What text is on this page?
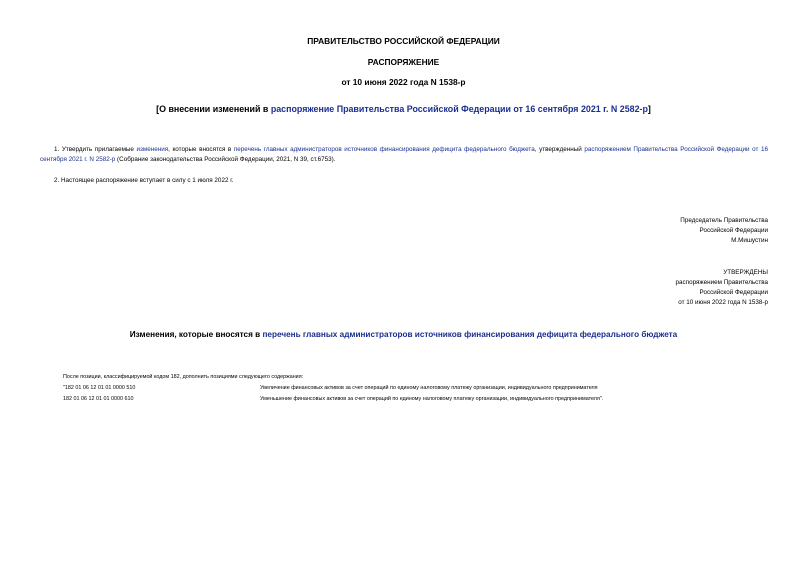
ПРАВИТЕЛЬСТВО РОССИЙСКОЙ ФЕДЕРАЦИИ
РАСПОРЯЖЕНИЕ
от 10 июня 2022 года N 1538-р
[О внесении изменений в распоряжение Правительства Российской Федерации от 16 сентября 2021 г. N 2582-р]
1. Утвердить прилагаемые изменения, которые вносятся в перечень главных администраторов источников финансирования дефицита федерального бюджета, утвержденный распоряжением Правительства Российской Федерации от 16 сентября 2021 г. N 2582-р (Собрание законодательства Российской Федерации, 2021, N 39, ст.6753).
2. Настоящее распоряжение вступает в силу с 1 июля 2022 г.
Председатель Правительства
Российской Федерации
М.Мишустин
УТВЕРЖДЕНЫ
распоряжением Правительства
Российской Федерации
от 10 июня 2022 года N 1538-р
Изменения, которые вносятся в перечень главных администраторов источников финансирования дефицита федерального бюджета
После позиции, классифицируемой кодом 182, дополнить позициями следующего содержания:
"182 01 06 12 01 01 0000 510	Увеличение финансовых активов за счет операций по единому налоговому платежу организации, индивидуального предпринимателя
182 01 06 12 01 01 0000 610	Уменьшение финансовых активов за счет операций по единому налоговому платежу организации, индивидуального предпринимателя".
